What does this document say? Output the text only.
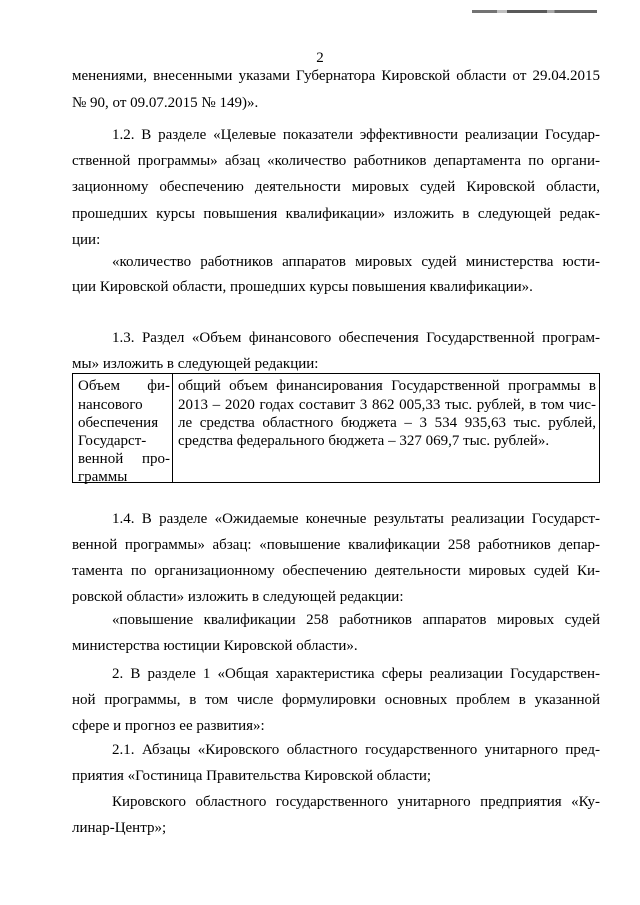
2
менениями, внесенными указами Губернатора Кировской области от 29.04.2015
№ 90, от 09.07.2015 № 149)».
1.2. В разделе «Целевые показатели эффективности реализации Государ-
ственной программы» абзац «количество работников департамента по органи-
зационному обеспечению деятельности мировых судей Кировской области,
прошедших курсы повышения квалификации» изложить в следующей редак-
ции:
«количество работников аппаратов мировых судей министерства юсти-
ции Кировской области, прошедших курсы повышения квалификации».
1.3. Раздел «Объем финансового обеспечения Государственной програм-
мы» изложить в следующей редакции:
Объем фи-
нансового
обеспечения
Государст-
венной про-
граммы
общий объем финансирования Государственной программы в
2013 – 2020 годах составит 3 862 005,33 тыс. рублей, в том чис-
ле средства областного бюджета – 3 534 935,63 тыс. рублей,
средства федерального бюджета – 327 069,7 тыс. рублей».
1.4. В разделе «Ожидаемые конечные результаты реализации Государст-
венной программы» абзац: «повышение квалификации 258 работников депар-
тамента по организационному обеспечению деятельности мировых судей Ки-
ровской области» изложить в следующей редакции:
«повышение квалификации 258 работников аппаратов мировых судей
министерства юстиции Кировской области».
2. В разделе 1 «Общая характеристика сферы реализации Государствен-
ной программы, в том числе формулировки основных проблем в указанной
сфере и прогноз ее развития»:
2.1. Абзацы «Кировского областного государственного унитарного пред-
приятия «Гостиница Правительства Кировской области;
Кировского областного государственного унитарного предприятия «Ку-
линар-Центр»;
